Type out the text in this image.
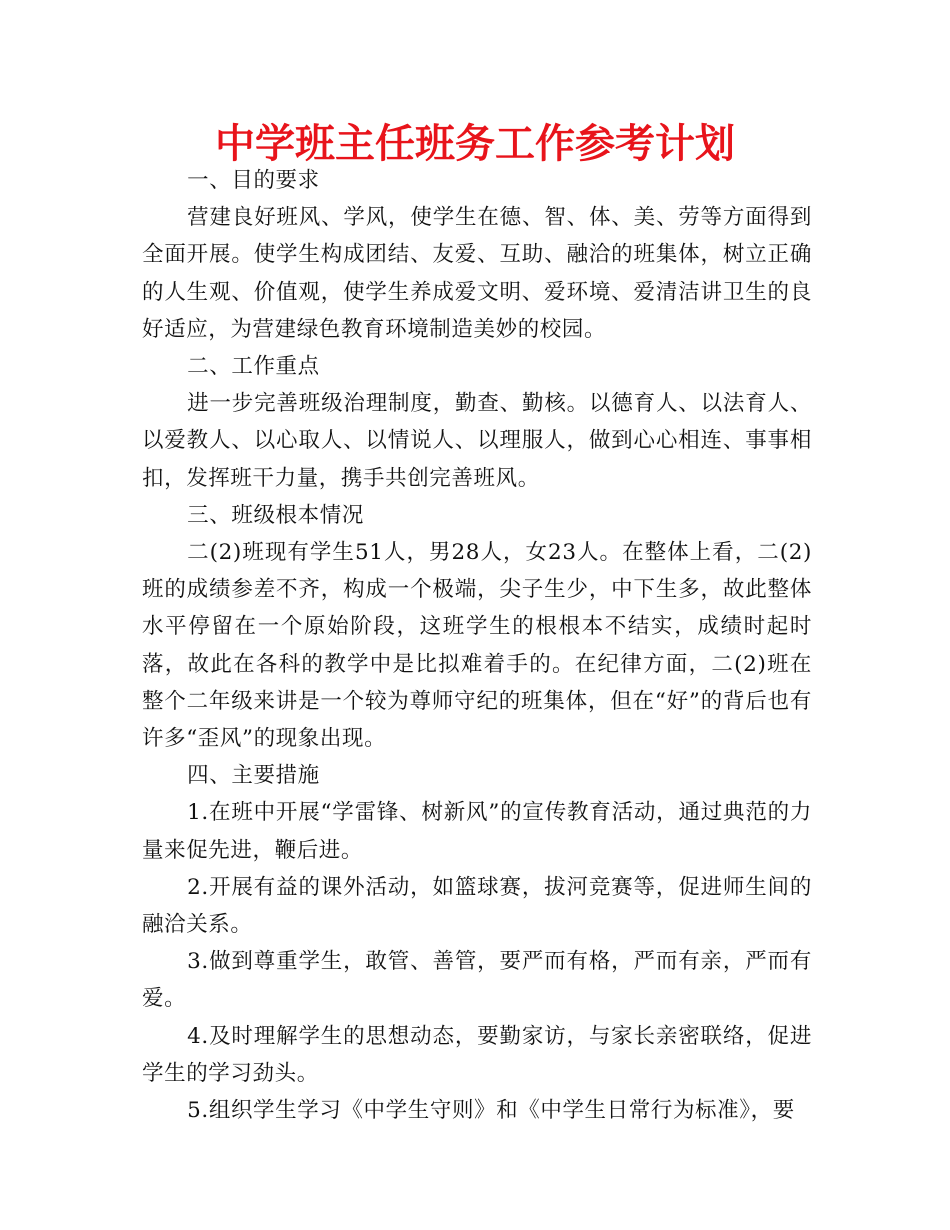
中学班主任班务工作参考计划

一、目的要求

营建良好班风、学风，使学生在德、智、体、美、劳等方面得到全面开展。使学生构成团结、友爱、互助、融洽的班集体，树立正确的人生观、价值观，使学生养成爱文明、爱环境、爱清洁讲卫生的良好适应，为营建绿色教育环境制造美妙的校园。

二、工作重点

进一步完善班级治理制度，勤查、勤核。以德育人、以法育人、以爱教人、以心取人、以情说人、以理服人，做到心心相连、事事相扣，发挥班干力量，携手共创完善班风。

三、班级根本情况

二(2)班现有学生51人，男28人，女23人。在整体上看，二(2)班的成绩参差不齐，构成一个极端，尖子生少，中下生多，故此整体水平停留在一个原始阶段，这班学生的根根本不结实，成绩时起时落，故此在各科的教学中是比拟难着手的。在纪律方面，二(2)班在整个二年级来讲是一个较为尊师守纪的班集体，但在“好”的背后也有许多“歪风”的现象出现。

四、主要措施

1.在班中开展“学雷锋、树新风”的宣传教育活动，通过典范的力量来促先进，鞭后进。

2.开展有益的课外活动，如篮球赛，拔河竞赛等，促进师生间的融洽关系。

3.做到尊重学生，敢管、善管，要严而有格，严而有亲，严而有爱。

4.及时理解学生的思想动态，要勤家访，与家长亲密联络，促进学生的学习劲头。

5.组织学生学习《中学生守则》和《中学生日常行为标准》，要
